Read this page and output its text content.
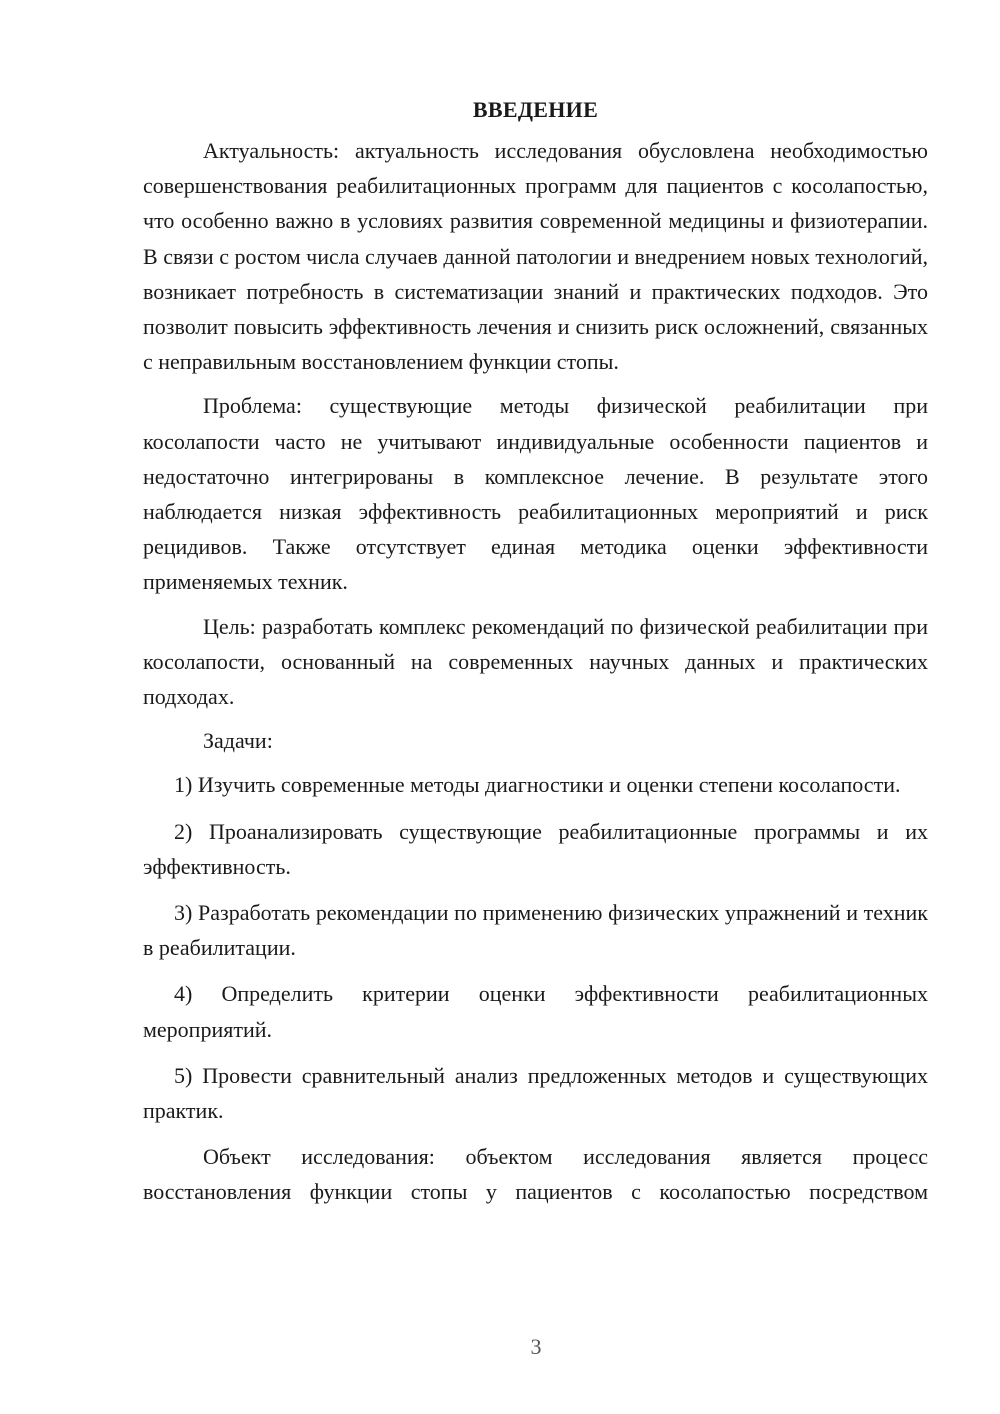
ВВЕДЕНИЕ

Актуальность: актуальность исследования обусловлена необходимостью совершенствования реабилитационных программ для пациентов с косолапостью, что особенно важно в условиях развития современной медицины и физиотерапии. В связи с ростом числа случаев данной патологии и внедрением новых технологий, возникает потребность в систематизации знаний и практических подходов. Это позволит повысить эффективность лечения и снизить риск осложнений, связанных с неправильным восстановлением функции стопы.

Проблема: существующие методы физической реабилитации при косолапости часто не учитывают индивидуальные особенности пациентов и недостаточно интегрированы в комплексное лечение. В результате этого наблюдается низкая эффективность реабилитационных мероприятий и риск рецидивов. Также отсутствует единая методика оценки эффективности применяемых техник.

Цель: разработать комплекс рекомендаций по физической реабилитации при косолапости, основанный на современных научных данных и практических подходах.

Задачи:

1) Изучить современные методы диагностики и оценки степени косолапости.

2) Проанализировать существующие реабилитационные программы и их эффективность.

3) Разработать рекомендации по применению физических упражнений и техник в реабилитации.

4) Определить критерии оценки эффективности реабилитационных мероприятий.

5) Провести сравнительный анализ предложенных методов и существующих практик.

Объект исследования: объектом исследования является процесс восстановления функции стопы у пациентов с косолапостью посредством

3
